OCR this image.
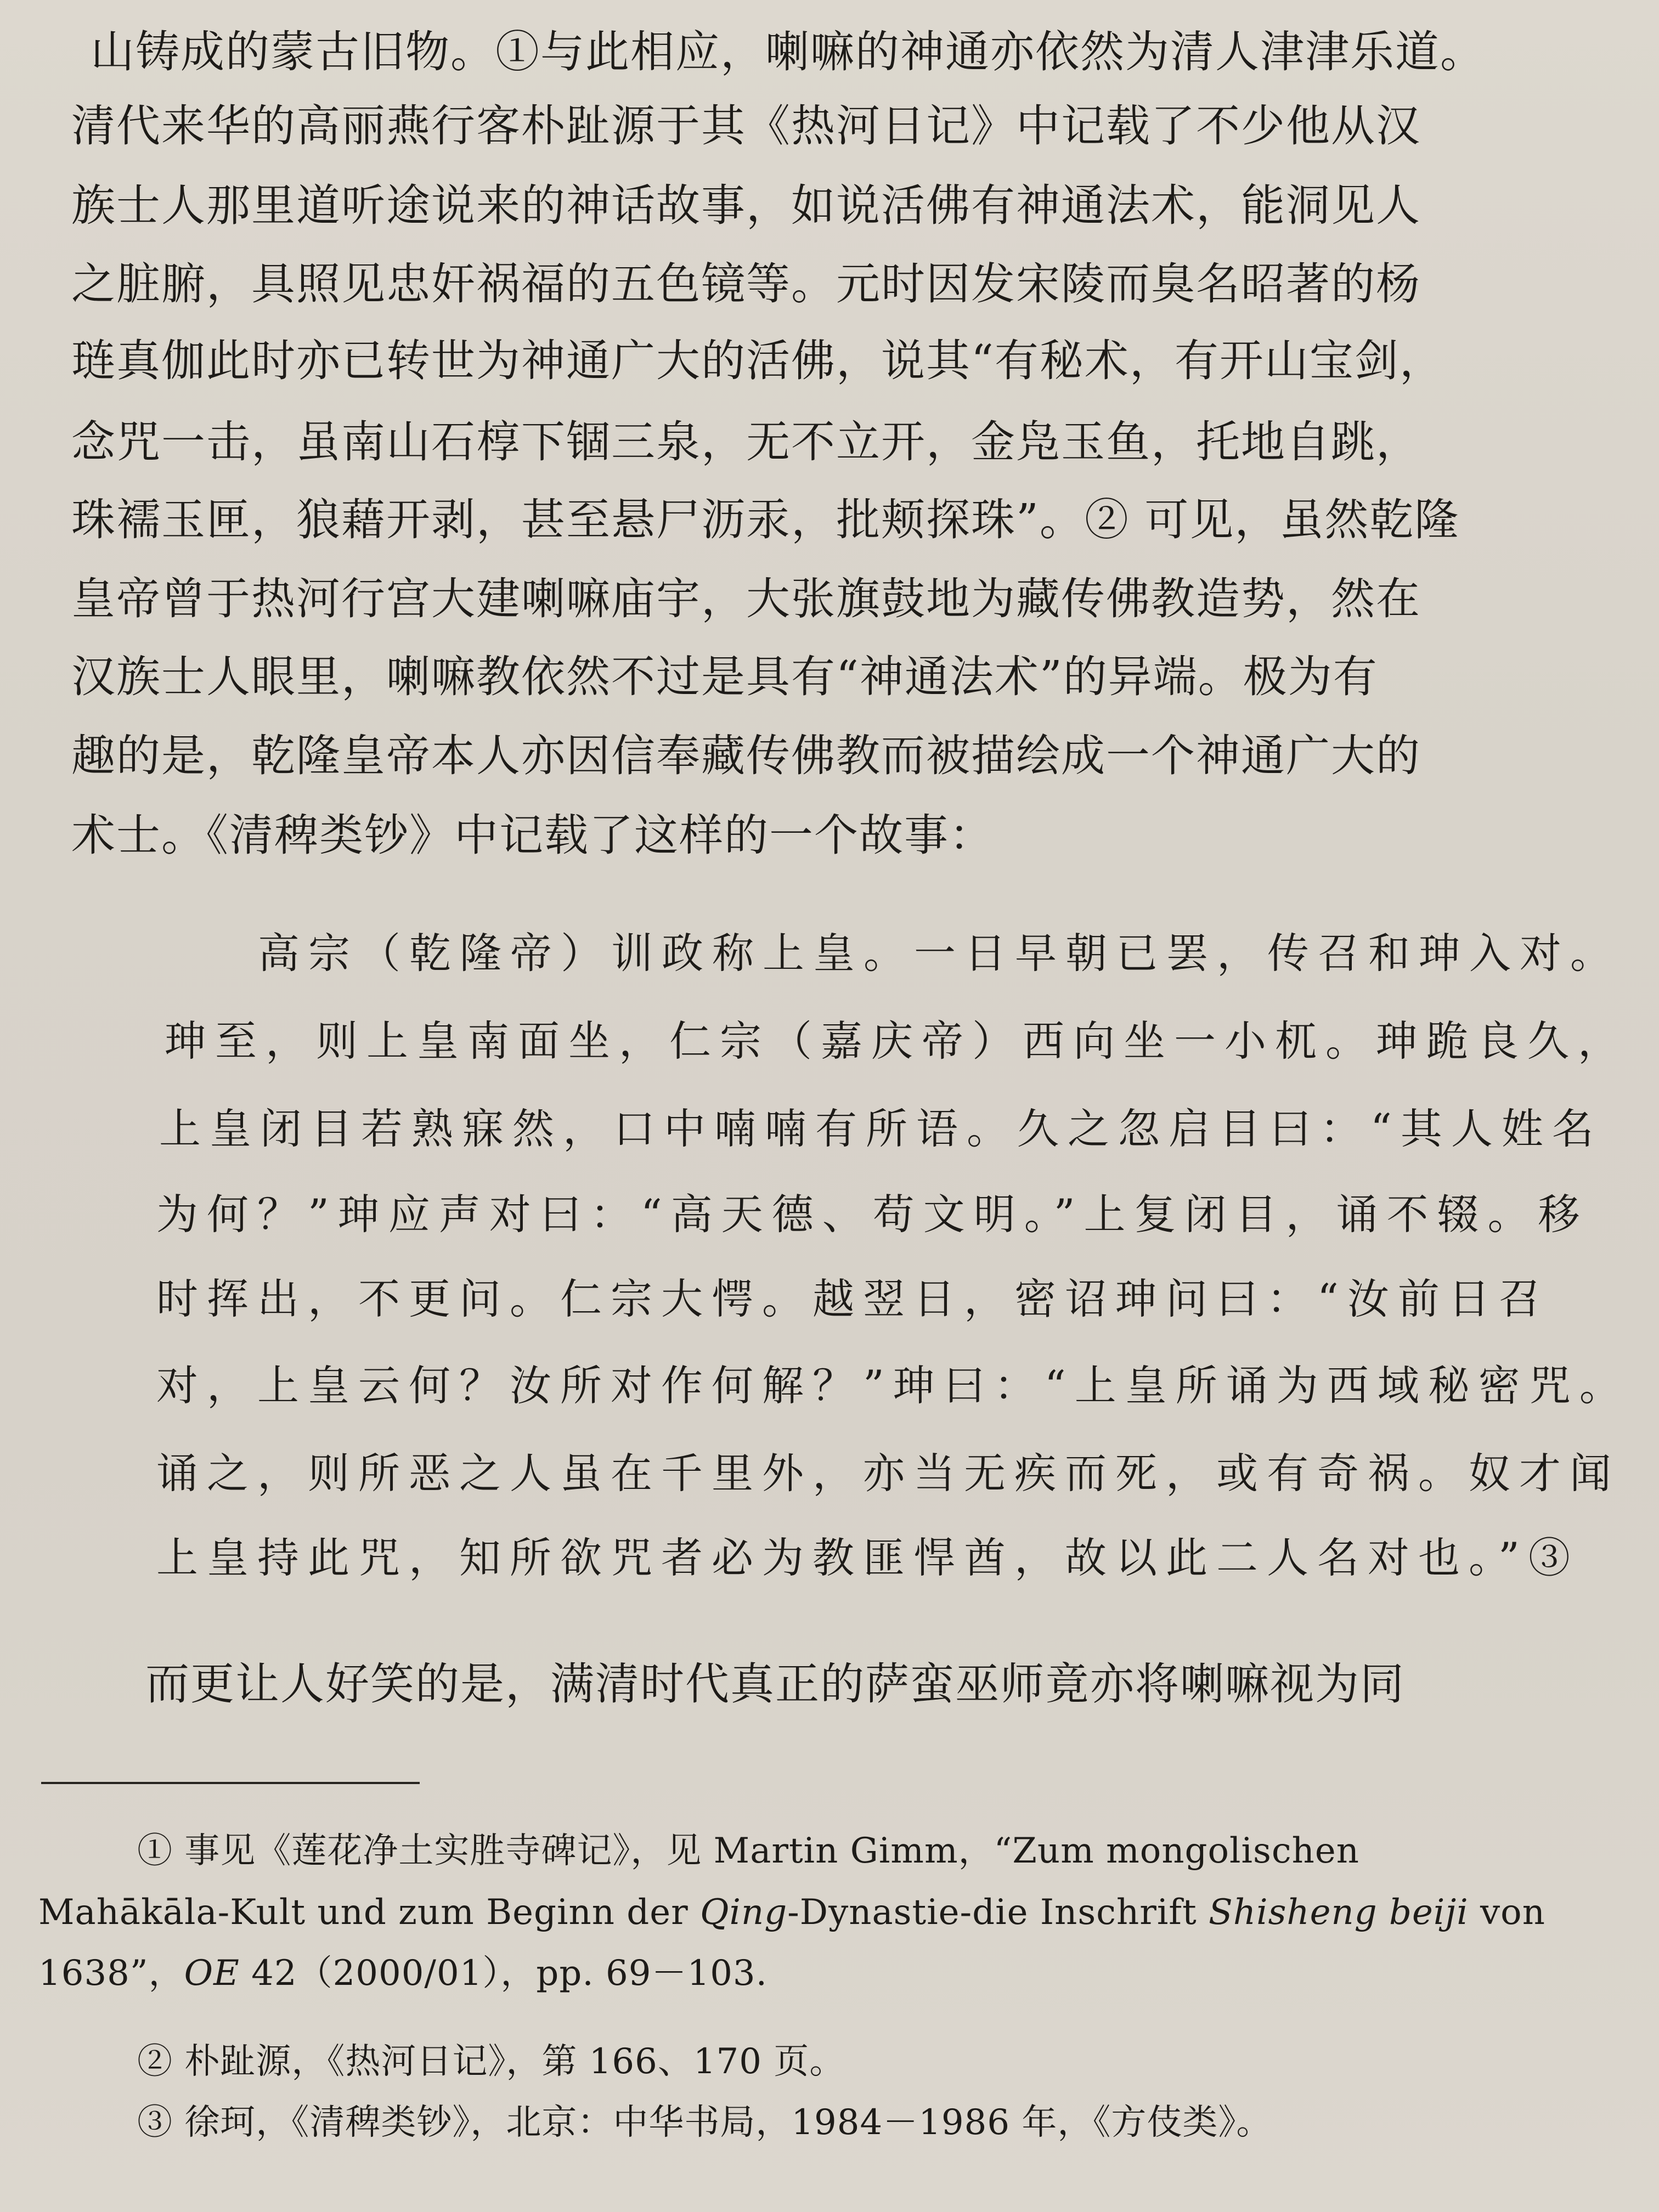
山铸成的蒙古旧物。①与此相应，喇嘛的神通亦依然为清人津津乐道。
清代来华的高丽燕行客朴趾源于其《热河日记》中记载了不少他从汉
族士人那里道听途说来的神话故事，如说活佛有神通法术，能洞见人
之脏腑，具照见忠奸祸福的五色镜等。元时因发宋陵而臭名昭著的杨
琏真伽此时亦已转世为神通广大的活佛，说其“有秘术，有开山宝剑，
念咒一击，虽南山石椁下锢三泉，无不立开，金凫玉鱼，托地自跳，
珠襦玉匣，狼藉开剥，甚至悬尸沥汞，批颊探珠”。② 可见，虽然乾隆
皇帝曾于热河行宫大建喇嘛庙宇，大张旗鼓地为藏传佛教造势，然在
汉族士人眼里，喇嘛教依然不过是具有“神通法术”的异端。极为有
趣的是，乾隆皇帝本人亦因信奉藏传佛教而被描绘成一个神通广大的
术士。《清稗类钞》中记载了这样的一个故事：
高宗（乾隆帝）训政称上皇。一日早朝已罢，传召和珅入对。
珅至，则上皇南面坐，仁宗（嘉庆帝）西向坐一小杌。珅跪良久，
上皇闭目若熟寐然，口中喃喃有所语。久之忽启目曰：“其人姓名
为何？”珅应声对曰：“高天德、苟文明。”上复闭目，诵不辍。移
时挥出，不更问。仁宗大愕。越翌日，密诏珅问曰：“汝前日召
对，上皇云何？汝所对作何解？”珅曰：“上皇所诵为西域秘密咒。
诵之，则所恶之人虽在千里外，亦当无疾而死，或有奇祸。奴才闻
上皇持此咒，知所欲咒者必为教匪悍酋，故以此二人名对也。”③
而更让人好笑的是，满清时代真正的萨蛮巫师竟亦将喇嘛视为同
① 事见《莲花净土实胜寺碑记》，见 Martin Gimm，“Zum mongolischen
Mahākāla-Kult und zum Beginn der Qing-Dynastie-die Inschrift Shisheng beiji von
1638”，OE 42（2000/01），pp. 69－103.
② 朴趾源，《热河日记》，第 166、170 页。
③ 徐珂，《清稗类钞》，北京：中华书局，1984－1986 年，《方伎类》。
